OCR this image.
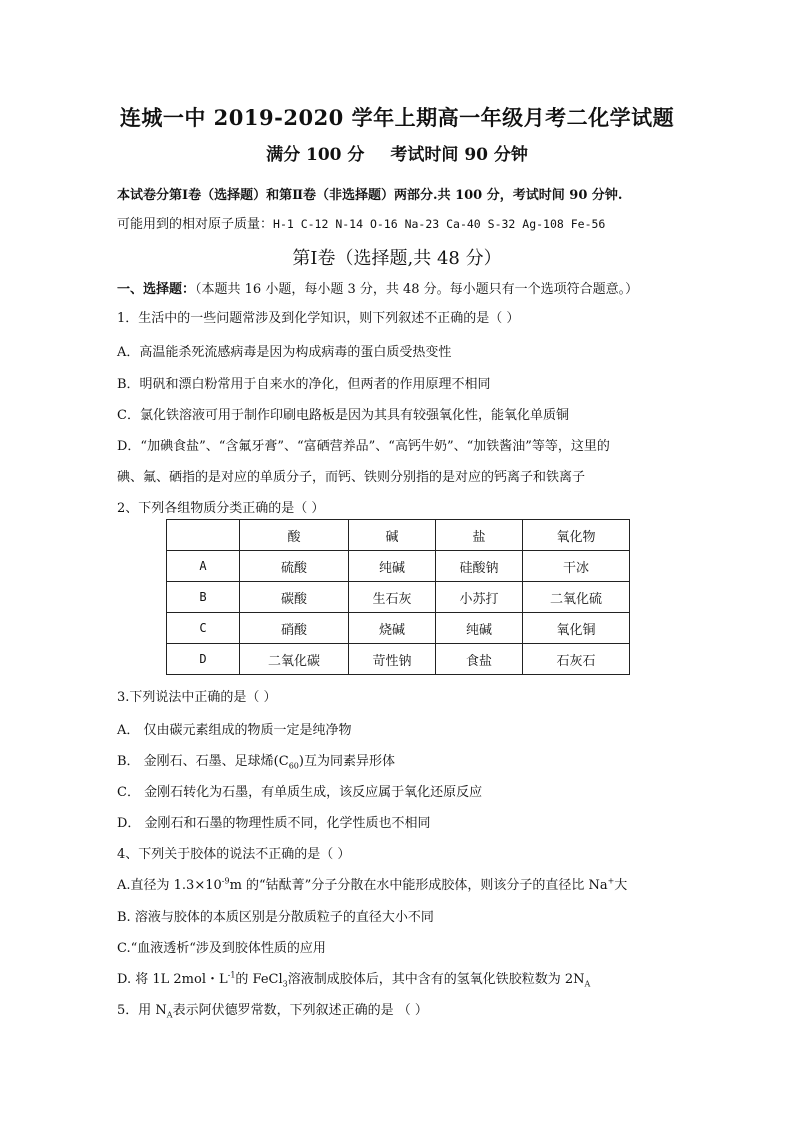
连城一中 2019-2020 学年上期高一年级月考二化学试题
满分 100 分 考试时间 90 分钟
本试卷分第Ⅰ卷（选择题）和第Ⅱ卷（非选择题）两部分.共 100 分，考试时间 90 分钟.
可能用到的相对原子质量：H-1 C-12 N-14 O-16 Na-23 Ca-40 S-32 Ag-108 Fe-56
第Ⅰ卷（选择题,共 48 分）
一、选择题：（本题共 16 小题，每小题 3 分，共 48 分。每小题只有一个选项符合题意。）
1．生活中的一些问题常涉及到化学知识，则下列叙述不正确的是（ ）
A．高温能杀死流感病毒是因为构成病毒的蛋白质受热变性
B．明矾和漂白粉常用于自来水的净化，但两者的作用原理不相同
C．氯化铁溶液可用于制作印刷电路板是因为其具有较强氧化性，能氧化单质铜
D．“加碘食盐”、“含氟牙膏”、“富硒营养品”、“高钙牛奶”、“加铁酱油”等等，这里的
碘、氟、硒指的是对应的单质分子，而钙、铁则分别指的是对应的钙离子和铁离子
2、下列各组物质分类正确的是（ ）
	酸	碱	盐	氧化物
A	硫酸	纯碱	硅酸钠	干冰
B	碳酸	生石灰	小苏打	二氧化硫
C	硝酸	烧碱	纯碱	氧化铜
D	二氧化碳	苛性钠	食盐	石灰石
3.下列说法中正确的是（ ）
A． 仅由碳元素组成的物质一定是纯净物
B． 金刚石、石墨、足球烯$(C_{60})$互为同素异形体
C． 金刚石转化为石墨，有单质生成，该反应属于氧化还原反应
D． 金刚石和石墨的物理性质不同，化学性质也不相同
4、下列关于胶体的说法不正确的是（ ）
A.直径为 $1.3\times 10^{-9}m$ 的“钴酞菁”分子分散在水中能形成胶体，则该分子的直径比 Na+大
B. 溶液与胶体的本质区别是分散质粒子的直径大小不同
C.“血液透析“涉及到胶体性质的应用
D. 将 1L 2mol・$L^{-1}$的 FeCl$_3$溶液制成胶体后，其中含有的氢氧化铁胶粒数为 $2N_A$
5．用 $N_A$表示阿伏德罗常数，下列叙述正确的是 （ ）
